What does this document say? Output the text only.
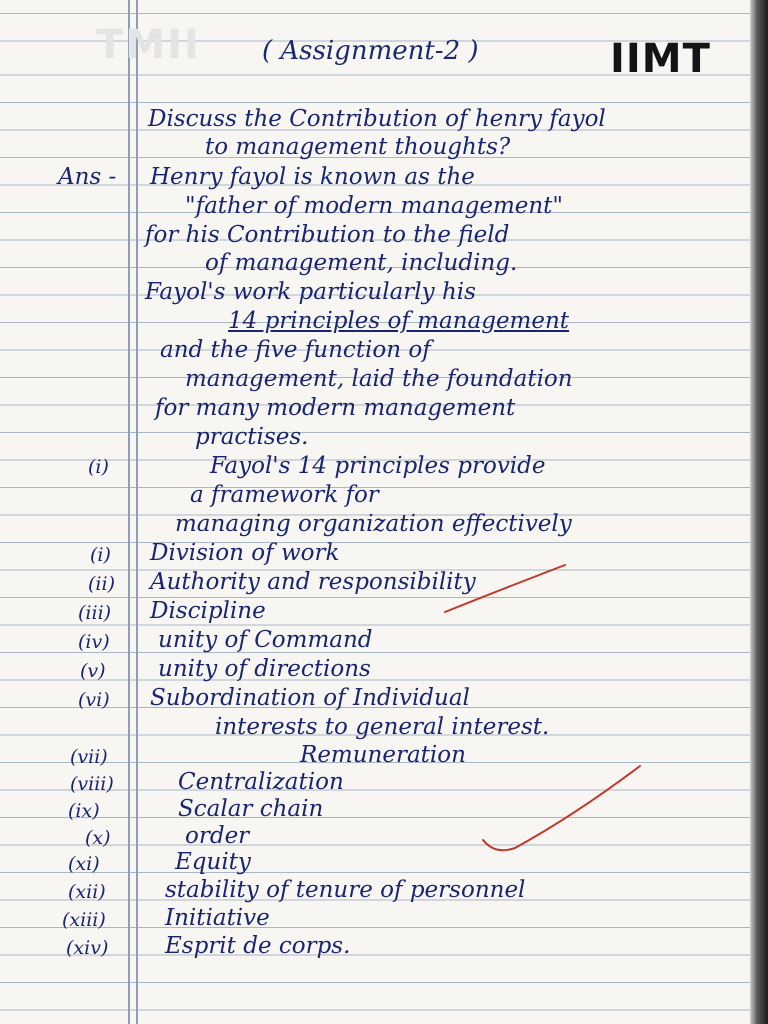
TMII ( Assignment-2 )	IIMT
Discuss the Contribution of henry fayol
to management thoughts?
Ans - Henry fayol is known as the
"father of modern management"
for his Contribution to the field
of management, including.
Fayol's work particularly his
14 principles of management
and the five function of
management, laid the foundation
for many modern management
practises.
(i)	Fayol's 14 principles provide
a framework for
managing organization effectively
(i) Division of work
(ii) Authority and responsibility
(iii) Discipline
(iv) unity of Command
(v) unity of directions
(vi) Subordination of Individual
interests to general interest.
(vii)	Remuneration
(viii)	Centralization
(ix)	Scalar chain
(x)	order
(xi)	Equity
(xii)	stability of tenure of personnel
(xiii)	Initiative
(xiv) Esprit de corps.
